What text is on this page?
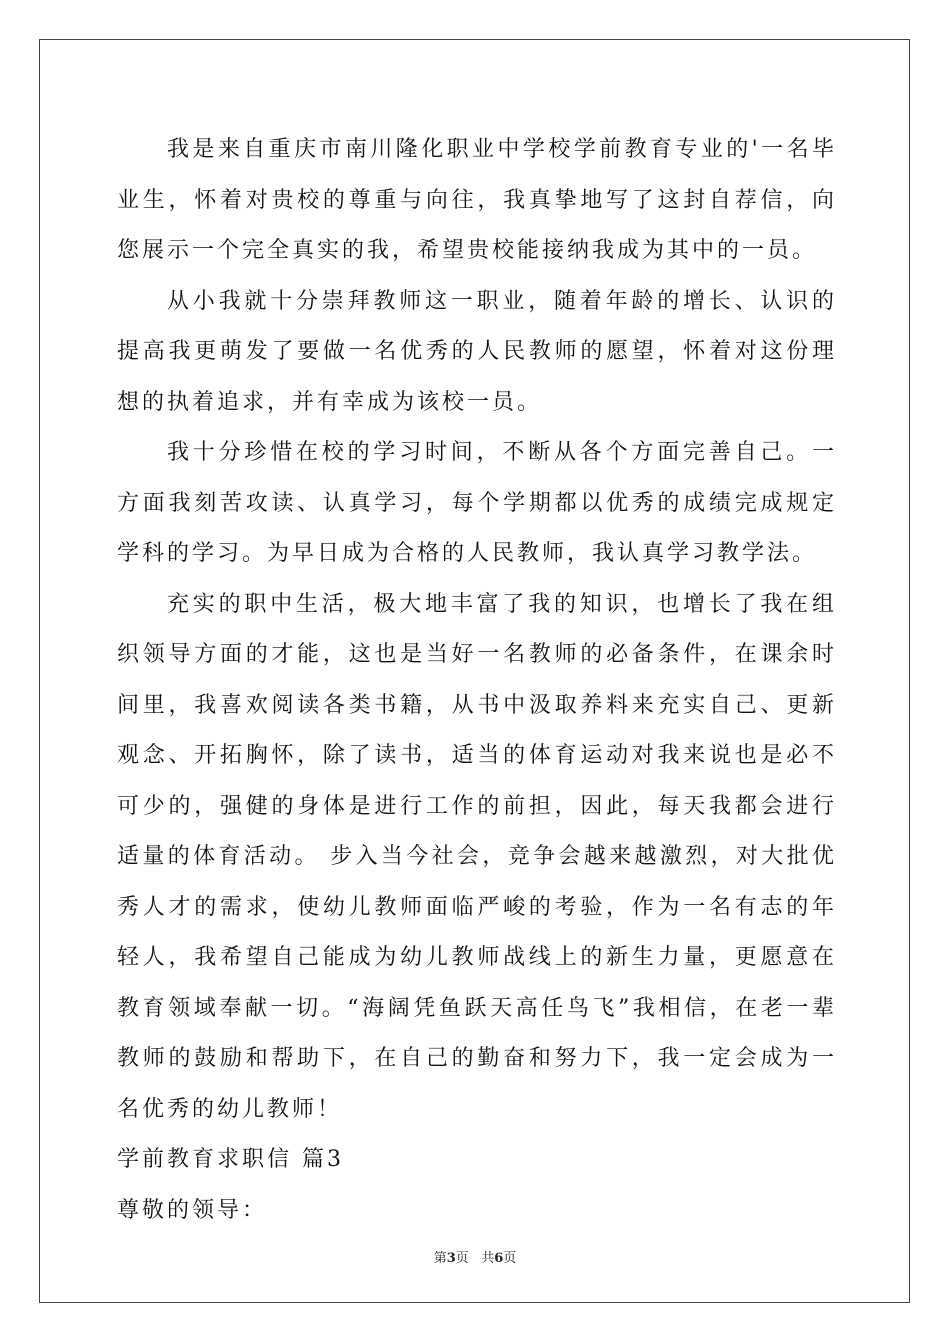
我是来自重庆市南川隆化职业中学校学前教育专业的'一名毕业生，怀着对贵校的尊重与向往，我真挚地写了这封自荐信，向您展示一个完全真实的我，希望贵校能接纳我成为其中的一员。

从小我就十分崇拜教师这一职业，随着年龄的增长、认识的提高我更萌发了要做一名优秀的人民教师的愿望，怀着对这份理想的执着追求，并有幸成为该校一员。

我十分珍惜在校的学习时间，不断从各个方面完善自己。一方面我刻苦攻读、认真学习，每个学期都以优秀的成绩完成规定学科的学习。为早日成为合格的人民教师，我认真学习教学法。

充实的职中生活，极大地丰富了我的知识，也增长了我在组织领导方面的才能，这也是当好一名教师的必备条件，在课余时间里，我喜欢阅读各类书籍，从书中汲取养料来充实自己、更新观念、开拓胸怀，除了读书，适当的体育运动对我来说也是必不可少的，强健的身体是进行工作的前担，因此，每天我都会进行适量的体育活动。 步入当今社会，竞争会越来越激烈，对大批优秀人才的需求，使幼儿教师面临严峻的考验，作为一名有志的年轻人，我希望自己能成为幼儿教师战线上的新生力量，更愿意在教育领域奉献一切。“海阔凭鱼跃天高任鸟飞”我相信，在老一辈教师的鼓励和帮助下，在自己的勤奋和努力下，我一定会成为一名优秀的幼儿教师！

学前教育求职信 篇3

尊敬的领导：

第3页 共6页
